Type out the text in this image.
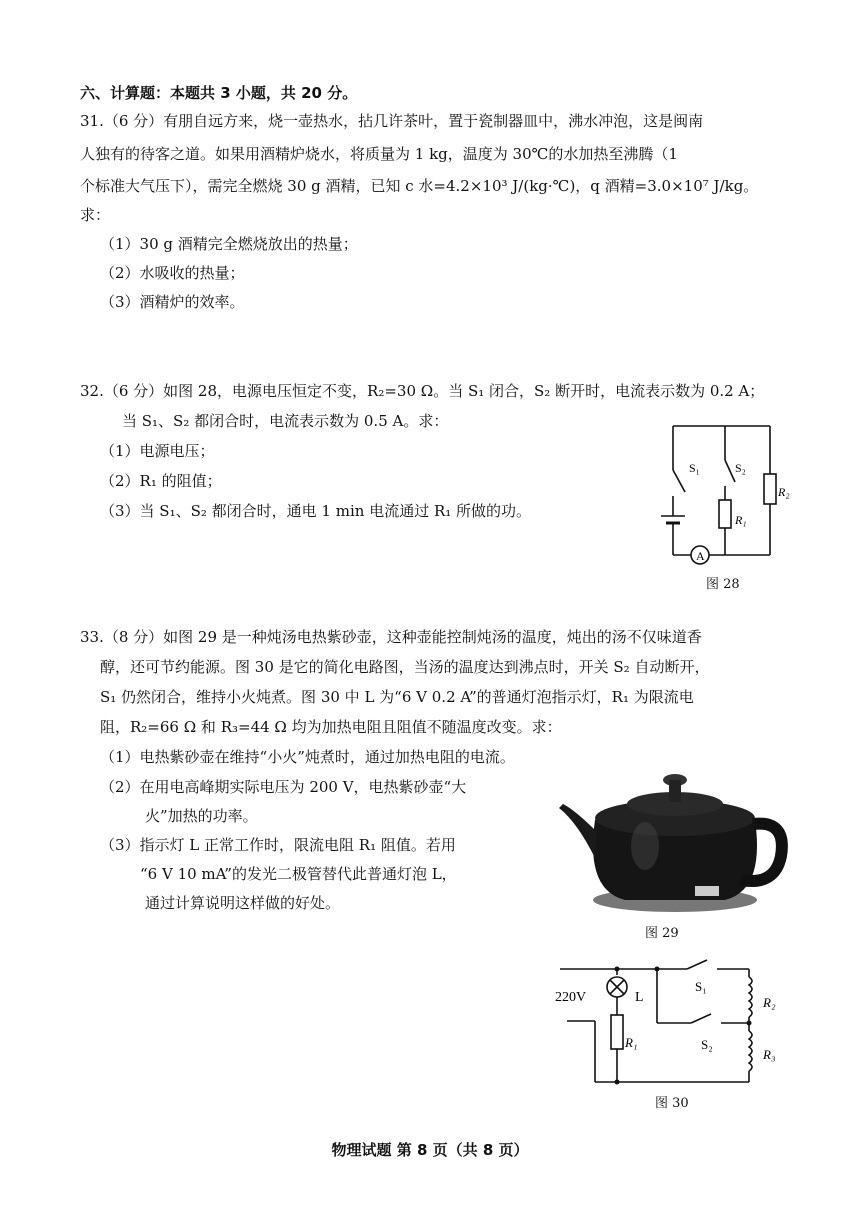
六、计算题：本题共 3 小题，共 20 分。
31.（6 分）有朋自远方来，烧一壶热水，拈几许茶叶，置于瓷制器皿中，沸水冲泡，这是闽南
人独有的待客之道。如果用酒精炉烧水，将质量为 1 kg，温度为 30℃的水加热至沸腾（1
个标准大气压下），需完全燃烧 30 g 酒精，已知 c 水=4.2×10³ J/(kg·℃)，q 酒精=3.0×10⁷ J/kg。
求：
（1）30 g 酒精完全燃烧放出的热量；
（2）水吸收的热量；
（3）酒精炉的效率。
32.（6 分）如图 28，电源电压恒定不变，R₂=30 Ω。当 S₁ 闭合，S₂ 断开时，电流表示数为 0.2 A；
当 S₁、S₂ 都闭合时，电流表示数为 0.5 A。求：
（1）电源电压；
（2）R₁ 的阻值；
（3）当 S₁、S₂ 都闭合时，通电 1 min 电流通过 R₁ 所做的功。
A
S₁	S₂
R₁
R₂
图 28
33.（8 分）如图 29 是一种炖汤电热紫砂壶，这种壶能控制炖汤的温度，炖出的汤不仅味道香
醇，还可节约能源。图 30 是它的简化电路图，当汤的温度达到沸点时，开关 S₂ 自动断开，
S₁ 仍然闭合，维持小火炖煮。图 30 中 L 为“6 V 0.2 A”的普通灯泡指示灯，R₁ 为限流电
阻，R₂=66 Ω 和 R₃=44 Ω 均为加热电阻且阻值不随温度改变。求：
（1）电热紫砂壶在维持“小火”炖煮时，通过加热电阻的电流。
（2）在用电高峰期实际电压为 200 V，电热紫砂壶“大
火”加热的功率。
（3）指示灯 L 正常工作时，限流电阻 R₁ 阻值。若用
“6 V 10 mA”的发光二极管替代此普通灯泡 L，
通过计算说明这样做的好处。
图 29
220V	L
S₁
S₂
R₁
R₂
R₃
图 30
物理试题 第 8 页（共 8 页）
